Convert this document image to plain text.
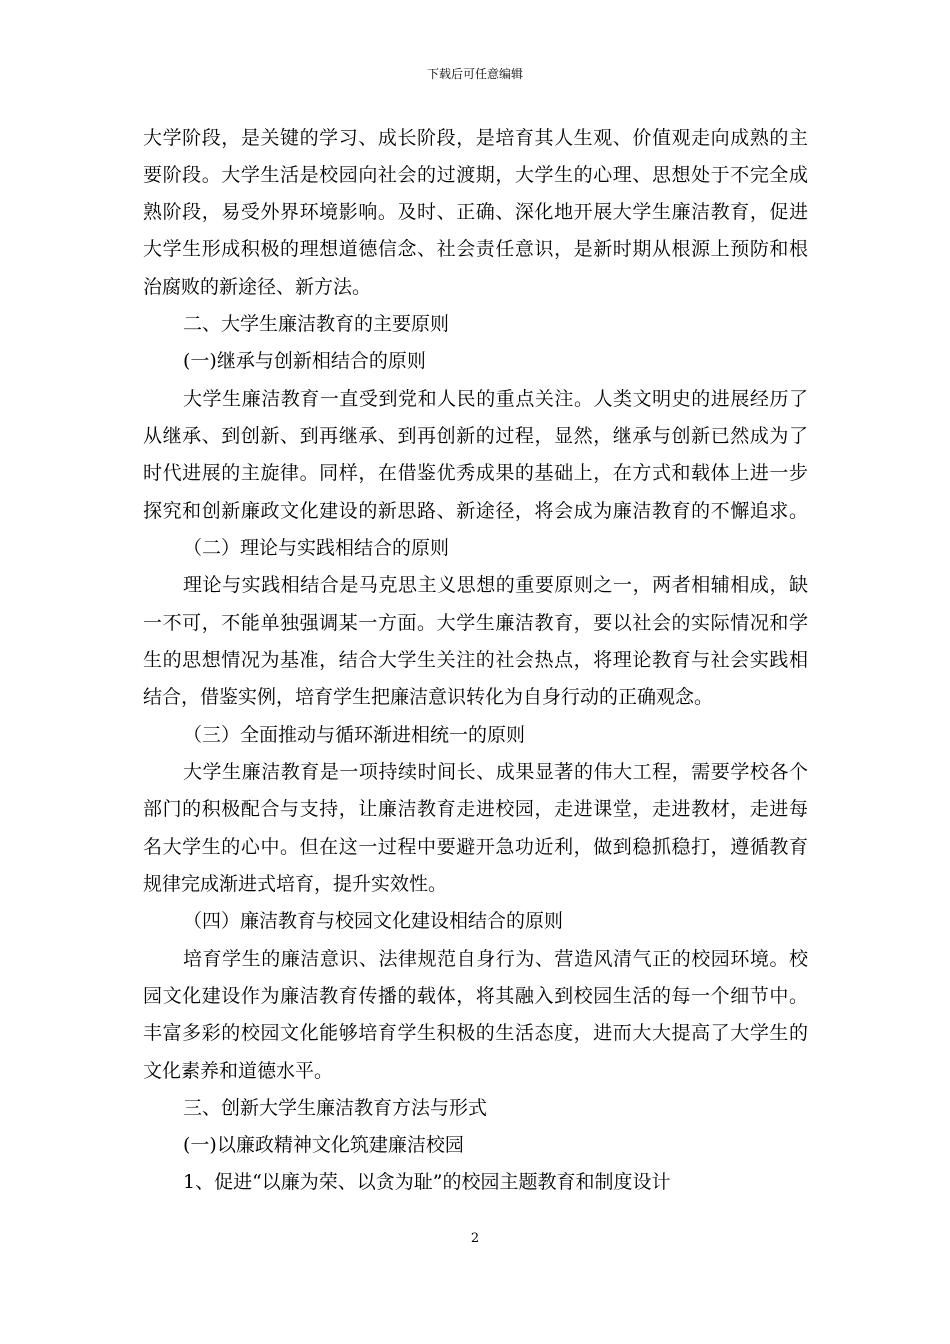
下载后可任意编辑
大学阶段，是关键的学习、成长阶段，是培育其人生观、价值观走向成熟的主
要阶段。大学生活是校园向社会的过渡期，大学生的心理、思想处于不完全成
熟阶段，易受外界环境影响。及时、正确、深化地开展大学生廉洁教育，促进
大学生形成积极的理想道德信念、社会责任意识，是新时期从根源上预防和根
治腐败的新途径、新方法。
二、大学生廉洁教育的主要原则
(一)继承与创新相结合的原则
大学生廉洁教育一直受到党和人民的重点关注。人类文明史的进展经历了
从继承、到创新、到再继承、到再创新的过程，显然，继承与创新已然成为了
时代进展的主旋律。同样，在借鉴优秀成果的基础上，在方式和载体上进一步
探究和创新廉政文化建设的新思路、新途径，将会成为廉洁教育的不懈追求。
（二）理论与实践相结合的原则
理论与实践相结合是马克思主义思想的重要原则之一，两者相辅相成，缺
一不可，不能单独强调某一方面。大学生廉洁教育，要以社会的实际情况和学
生的思想情况为基准，结合大学生关注的社会热点，将理论教育与社会实践相
结合，借鉴实例，培育学生把廉洁意识转化为自身行动的正确观念。
（三）全面推动与循环渐进相统一的原则
大学生廉洁教育是一项持续时间长、成果显著的伟大工程，需要学校各个
部门的积极配合与支持，让廉洁教育走进校园，走进课堂，走进教材，走进每
名大学生的心中。但在这一过程中要避开急功近利，做到稳抓稳打，遵循教育
规律完成渐进式培育，提升实效性。
（四）廉洁教育与校园文化建设相结合的原则
培育学生的廉洁意识、法律规范自身行为、营造风清气正的校园环境。校
园文化建设作为廉洁教育传播的载体，将其融入到校园生活的每一个细节中。
丰富多彩的校园文化能够培育学生积极的生活态度，进而大大提高了大学生的
文化素养和道德水平。
三、创新大学生廉洁教育方法与形式
(一)以廉政精神文化筑建廉洁校园
1、促进“以廉为荣、以贪为耻”的校园主题教育和制度设计
2
